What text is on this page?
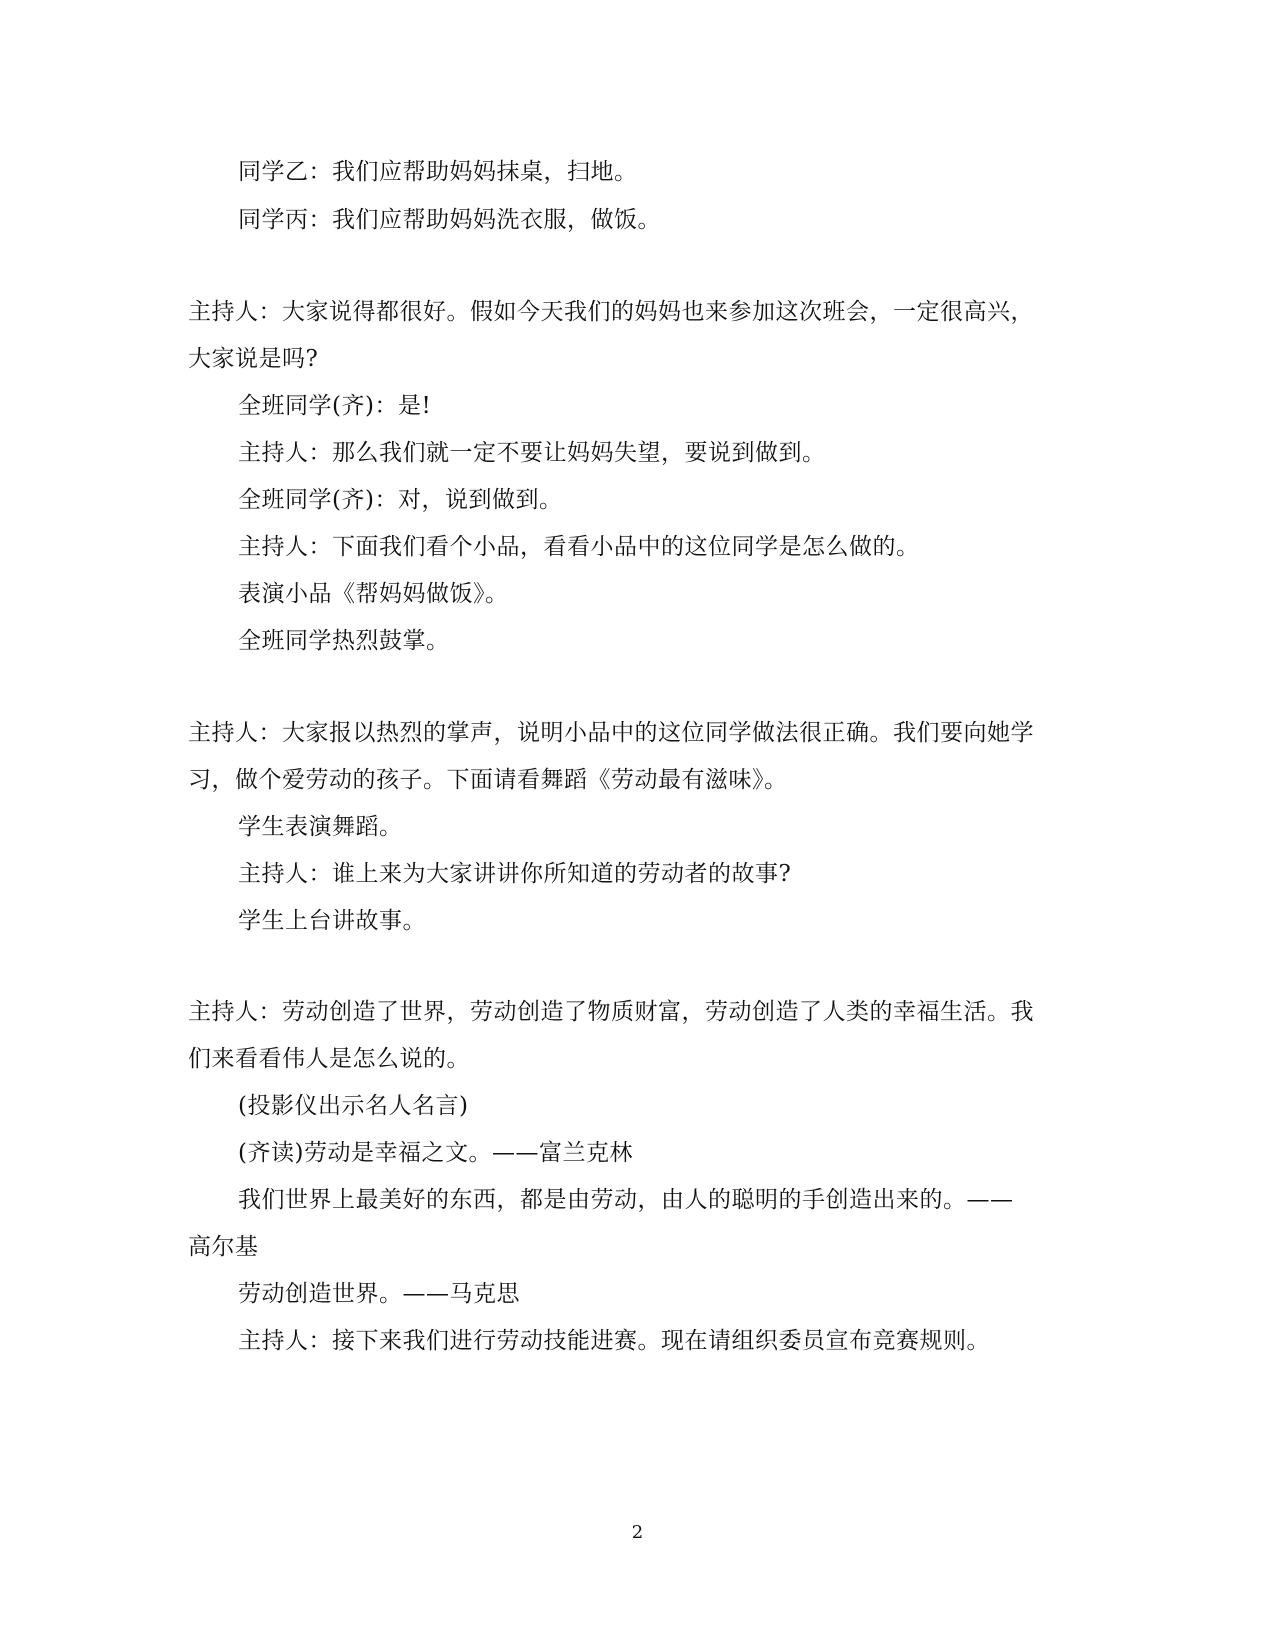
同学乙：我们应帮助妈妈抹桌，扫地。
同学丙：我们应帮助妈妈洗衣服，做饭。
主持人：大家说得都很好。假如今天我们的妈妈也来参加这次班会，一定很高兴，
大家说是吗?
全班同学(齐)：是!
主持人：那么我们就一定不要让妈妈失望，要说到做到。
全班同学(齐)：对，说到做到。
主持人：下面我们看个小品，看看小品中的这位同学是怎么做的。
表演小品《帮妈妈做饭》。
全班同学热烈鼓掌。
主持人：大家报以热烈的掌声，说明小品中的这位同学做法很正确。我们要向她学
习，做个爱劳动的孩子。下面请看舞蹈《劳动最有滋味》。
学生表演舞蹈。
主持人：谁上来为大家讲讲你所知道的劳动者的故事?
学生上台讲故事。
主持人：劳动创造了世界，劳动创造了物质财富，劳动创造了人类的幸福生活。我
们来看看伟人是怎么说的。
(投影仪出示名人名言)
(齐读)劳动是幸福之文。——富兰克林
我们世界上最美好的东西，都是由劳动，由人的聪明的手创造出来的。——
高尔基
劳动创造世界。——马克思
主持人：接下来我们进行劳动技能进赛。现在请组织委员宣布竞赛规则。
2
